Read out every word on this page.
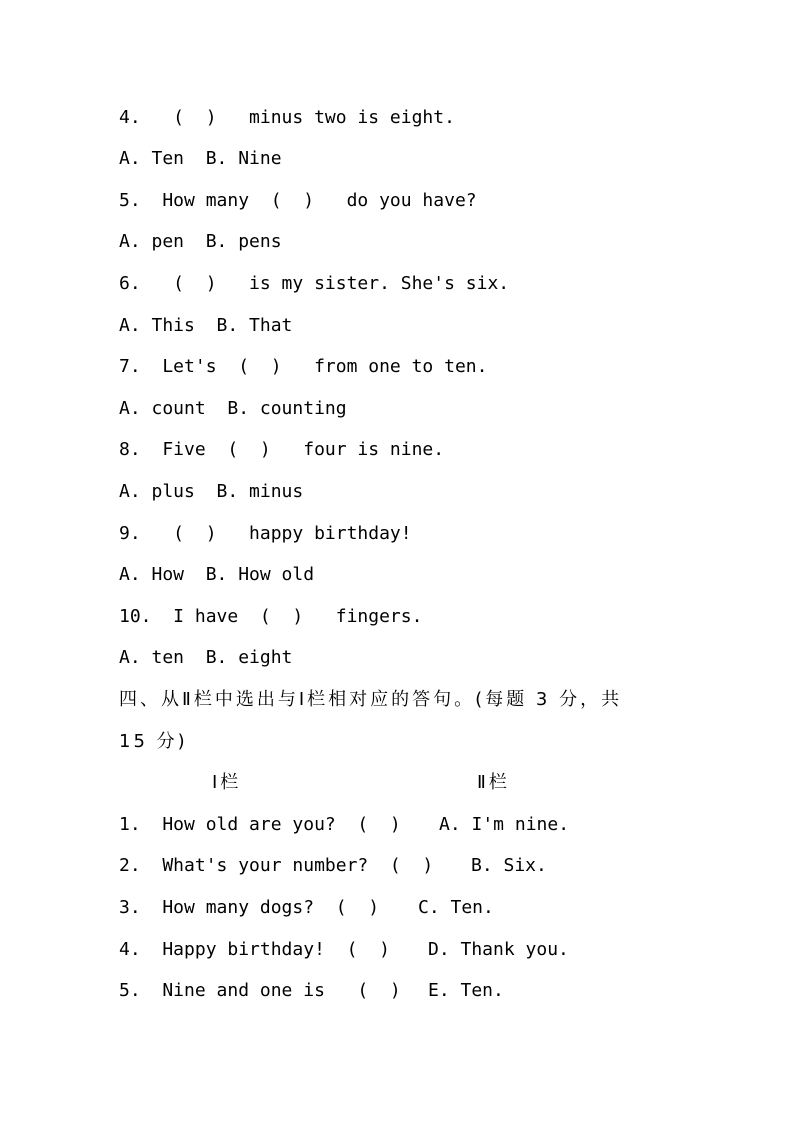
4.   (  )   minus two is eight.
A. Ten  B. Nine
5.  How many  (  )   do you have?
A. pen  B. pens
6.   (  )   is my sister. She's six.
A. This  B. That
7.  Let's  (  )   from one to ten.
A. count  B. counting
8.  Five  (  )   four is nine.
A. plus  B. minus
9.   (  )   happy birthday!
A. How  B. How old
10.  I have  (  )   fingers.
A. ten  B. eight
四、从Ⅱ栏中选出与Ⅰ栏相对应的答句。(每题 3 分，共
15 分)
Ⅰ栏	Ⅱ栏
1.  How old are you?  (  ) A. I'm nine.
2.  What's your number?  (  ) B. Six.
3.  How many dogs?  (  ) C. Ten.
4.  Happy birthday!  (  ) D. Thank you.
5.  Nine and one is   (  ) E. Ten.
